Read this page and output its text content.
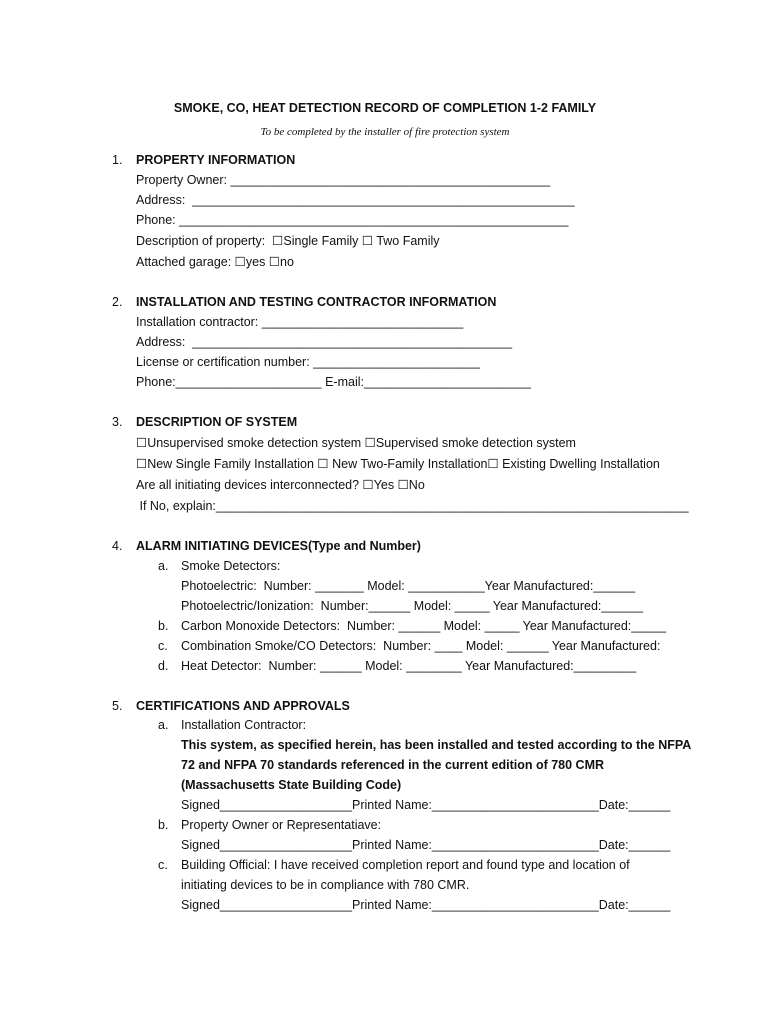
SMOKE, CO, HEAT DETECTION RECORD OF COMPLETION 1-2 FAMILY
To be completed by the installer of fire protection system
1. PROPERTY INFORMATION
Property Owner: ______________________________________________
Address:  _______________________________________________________
Phone: ________________________________________________________
Description of property:  ☐Single Family ☐ Two Family
Attached garage: ☐yes ☐no
2. INSTALLATION AND TESTING CONTRACTOR INFORMATION
Installation contractor: _____________________________
Address:  ______________________________________________
License or certification number: ________________________
Phone:_____________________ E-mail:________________________
3. DESCRIPTION OF SYSTEM
☐Unsupervised smoke detection system ☐Supervised smoke detection system
☐New Single Family Installation ☐ New Two-Family Installation☐ Existing Dwelling Installation
Are all initiating devices interconnected? ☐Yes ☐No
If No, explain:____________________________________________________________________
4. ALARM INITIATING DEVICES(Type and Number)
a. Smoke Detectors:
Photoelectric:  Number: _______ Model: ___________Year Manufactured:______
Photoelectric/Ionization:  Number:______ Model: _____ Year Manufactured:______
b. Carbon Monoxide Detectors:  Number: ______ Model: _____ Year Manufactured:_____
c. Combination Smoke/CO Detectors:  Number: ____ Model: ______ Year Manufactured:
d. Heat Detector:  Number: ______ Model: ________ Year Manufactured:_________
5. CERTIFICATIONS AND APPROVALS
a. Installation Contractor:
This system, as specified herein, has been installed and tested according to the NFPA
72 and NFPA 70 standards referenced in the current edition of 780 CMR
(Massachusetts State Building Code)
Signed___________________Printed Name:________________________Date:______
b. Property Owner or Representatiave:
Signed___________________Printed Name:________________________Date:______
c. Building Official: I have received completion report and found type and location of
initiating devices to be in compliance with 780 CMR.
Signed___________________Printed Name:________________________Date:______
